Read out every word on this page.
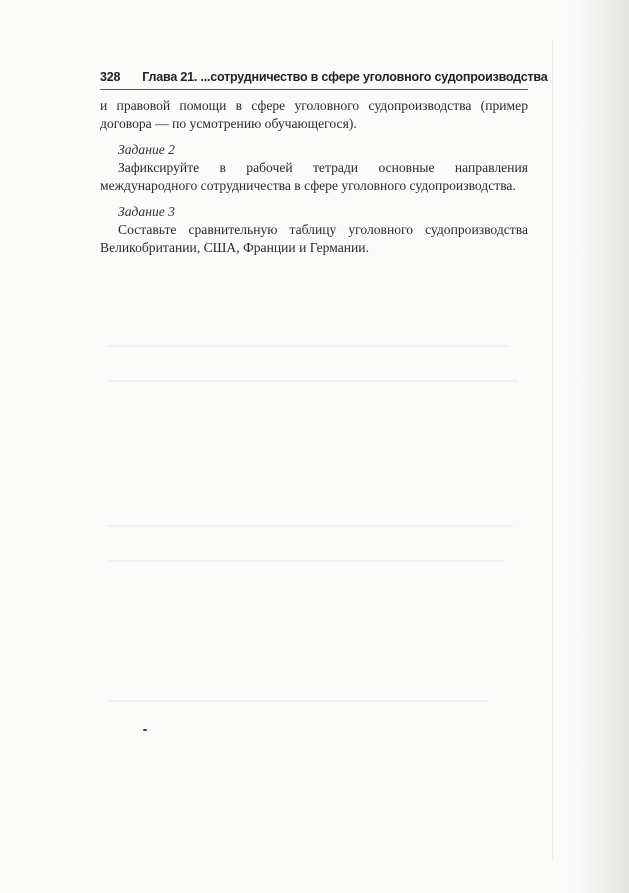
328 Глава 21. ...сотрудничество в сфере уголовного судопроизводства

и правовой помощи в сфере уголовного судопроизводства (пример договора — по усмотрению обучающегося).

Задание 2

Зафиксируйте в рабочей тетради основные направления международного сотрудничества в сфере уголовного судопроизводства.

Задание 3

Составьте сравнительную таблицу уголовного судопроизводства Великобритании, США, Франции и Германии.
